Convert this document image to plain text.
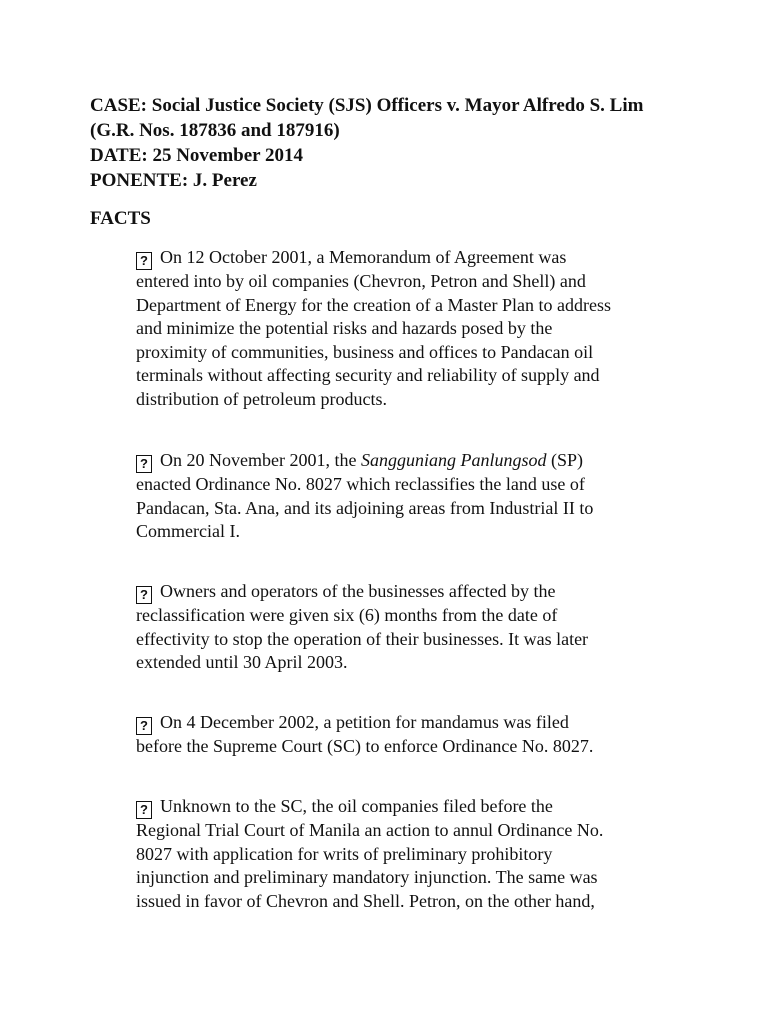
CASE: Social Justice Society (SJS) Officers v. Mayor Alfredo S. Lim
(G.R. Nos. 187836 and 187916)
DATE: 25 November 2014
PONENTE: J. Perez
FACTS
? On 12 October 2001, a Memorandum of Agreement was
entered into by oil companies (Chevron, Petron and Shell) and
Department of Energy for the creation of a Master Plan to address
and minimize the potential risks and hazards posed by the
proximity of communities, business and offices to Pandacan oil
terminals without affecting security and reliability of supply and
distribution of petroleum products.
? On 20 November 2001, the Sangguniang Panlungsod (SP)
enacted Ordinance No. 8027 which reclassifies the land use of
Pandacan, Sta. Ana, and its adjoining areas from Industrial II to
Commercial I.
? Owners and operators of the businesses affected by the
reclassification were given six (6) months from the date of
effectivity to stop the operation of their businesses. It was later
extended until 30 April 2003.
? On 4 December 2002, a petition for mandamus was filed
before the Supreme Court (SC) to enforce Ordinance No. 8027.
? Unknown to the SC, the oil companies filed before the
Regional Trial Court of Manila an action to annul Ordinance No.
8027 with application for writs of preliminary prohibitory
injunction and preliminary mandatory injunction. The same was
issued in favor of Chevron and Shell. Petron, on the other hand,
